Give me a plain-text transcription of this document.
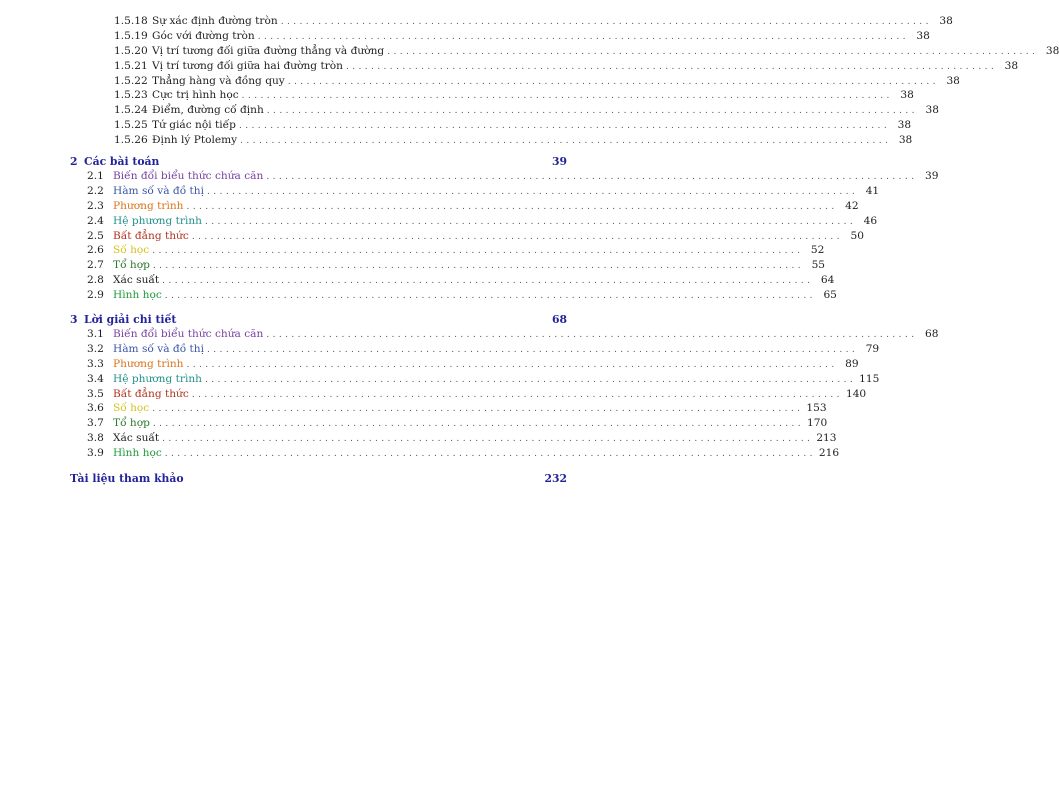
1.5.18 Sự xác định đường tròn ........................................................................................................ 38
1.5.19 Góc với đường tròn ........................................................................................................ 38
1.5.20 Vị trí tương đối giữa đường thẳng và đường ........................................................................................................ 38
1.5.21 Vị trí tương đối giữa hai đường tròn ........................................................................................................ 38
1.5.22 Thẳng hàng và đồng quy ........................................................................................................ 38
1.5.23 Cực trị hình học ........................................................................................................ 38
1.5.24 Điểm, đường cố định ........................................................................................................ 38
1.5.25 Tứ giác nội tiếp ........................................................................................................ 38
1.5.26 Định lý Ptolemy ........................................................................................................ 38
2 Các bài toán	39
2.1 Biến đổi biểu thức chứa căn ........................................................................................................ 39
2.2 Hàm số và đồ thị ........................................................................................................ 41
2.3 Phương trình ........................................................................................................ 42
2.4 Hệ phương trình ........................................................................................................ 46
2.5 Bất đẳng thức ........................................................................................................ 50
2.6 Số học ........................................................................................................ 52
2.7 Tổ hợp ........................................................................................................ 55
2.8 Xác suất ........................................................................................................ 64
2.9 Hình học ........................................................................................................ 65
3 Lời giải chi tiết	68
3.1 Biến đổi biểu thức chứa căn ........................................................................................................ 68
3.2 Hàm số và đồ thị ........................................................................................................ 79
3.3 Phương trình ........................................................................................................ 89
3.4 Hệ phương trình ........................................................................................................ 115
3.5 Bất đẳng thức ........................................................................................................ 140
3.6 Số học ........................................................................................................ 153
3.7 Tổ hợp ........................................................................................................ 170
3.8 Xác suất ........................................................................................................ 213
3.9 Hình học ........................................................................................................ 216
Tài liệu tham khảo	232
